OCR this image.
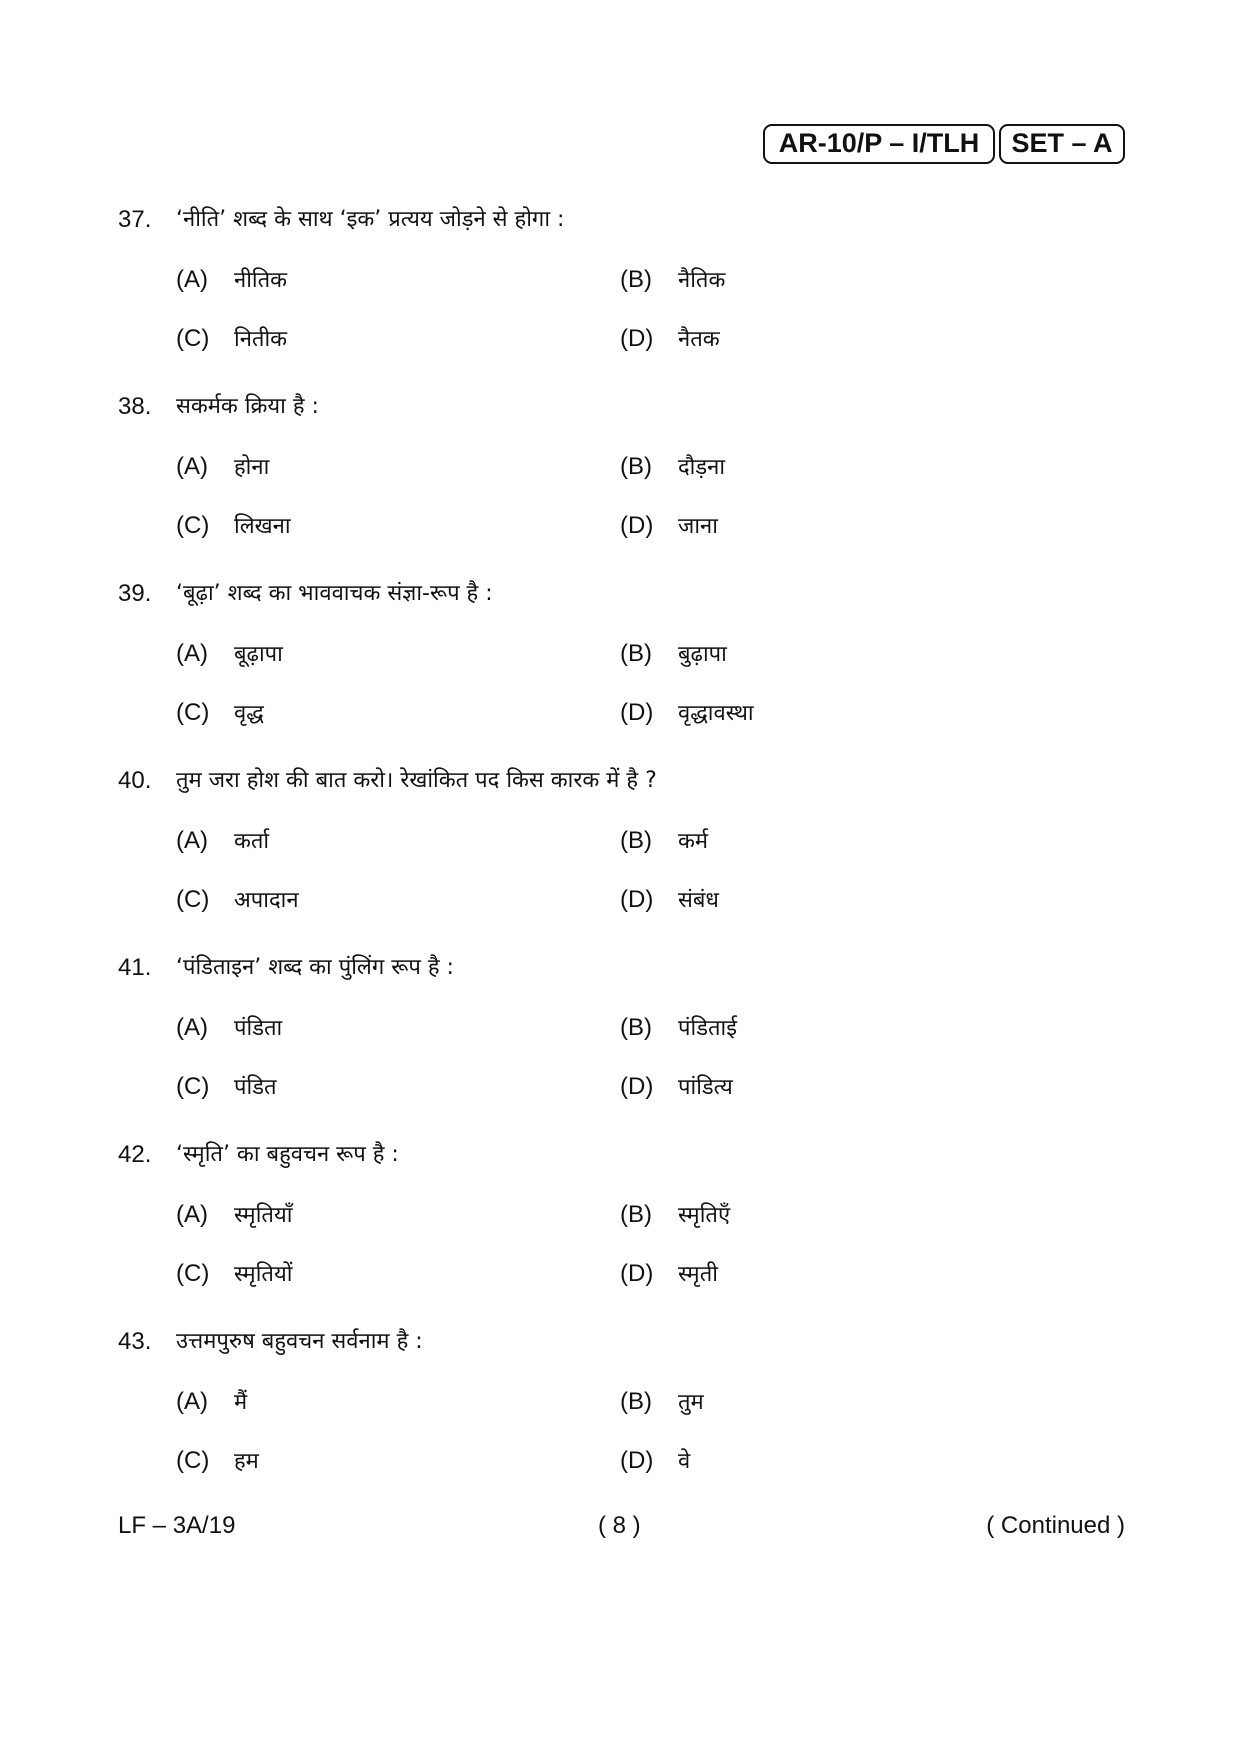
AR-10/P – I/TLH	SET – A
37. ‘नीति’ शब्द के साथ ‘इक’ प्रत्यय जोड़ने से होगा :
(A) नीतिक	(B) नैतिक
(C) नितीक	(D) नैतक
38. सकर्मक क्रिया है :
(A) होना	(B) दौड़ना
(C) लिखना	(D) जाना
39. ‘बूढ़ा’ शब्द का भाववाचक संज्ञा-रूप है :
(A) बूढ़ापा	(B) बुढ़ापा
(C) वृद्ध	(D) वृद्धावस्था
40. तुम जरा होश की बात करो। रेखांकित पद किस कारक में है ?
(A) कर्ता	(B) कर्म
(C) अपादान	(D) संबंध
41. ‘पंडिताइन’ शब्द का पुंलिंग रूप है :
(A) पंडिता	(B) पंडिताई
(C) पंडित	(D) पांडित्य
42. ‘स्मृति’ का बहुवचन रूप है :
(A) स्मृतियाँ	(B) स्मृतिएँ
(C) स्मृतियों	(D) स्मृती
43. उत्तमपुरुष बहुवचन सर्वनाम है :
(A) मैं	(B) तुम
(C) हम	(D) वे
LF – 3A/19	( 8 )	( Continued )
